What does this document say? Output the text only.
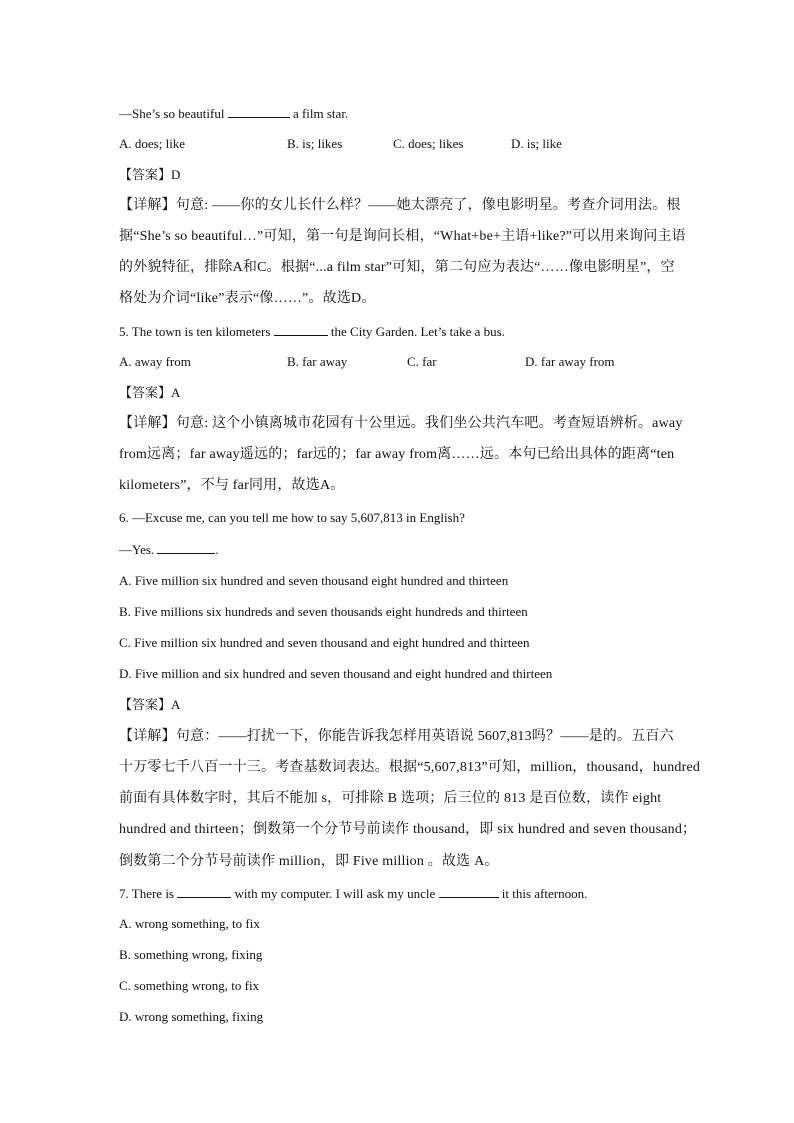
—She’s so beautiful	a film star.
A. does; like	B. is; likes	C. does; likes	D. is; like
【答案】D
【详解】句意: ——你的女儿长什么样？——她太漂亮了，像电影明星。考查介词用法。根
据“She’s so beautiful…”可知，第一句是询问长相，“What+be+主语+like?”可以用来询问主语
的外貌特征，排除A和C。根据“...a film star”可知，第二句应为表达“……像电影明星”，空
格处为介词“like”表示“像……”。故选D。
5. The town is ten kilometers	the City Garden. Let’s take a bus.
A. away from	B. far away	C. far	D. far away from
【答案】A
【详解】句意: 这个小镇离城市花园有十公里远。我们坐公共汽车吧。考查短语辨析。away
from远离；far away遥远的；far远的；far away from离……远。本句已给出具体的距离“ten
kilometers”，不与 far同用，故选A。
6. —Excuse me, can you tell me how to say 5,607,813 in English?
—Yes.	.
A. Five million six hundred and seven thousand eight hundred and thirteen
B. Five millions six hundreds and seven thousands eight hundreds and thirteen
C. Five million six hundred and seven thousand and eight hundred and thirteen
D. Five million and six hundred and seven thousand and eight hundred and thirteen
【答案】A
【详解】句意：——打扰一下，你能告诉我怎样用英语说 5607,813吗？——是的。五百六
十万零七千八百一十三。考查基数词表达。根据“5,607,813”可知，million，thousand，hundred
前面有具体数字时，其后不能加 s，可排除 B 选项；后三位的 813 是百位数，读作 eight
hundred and thirteen；倒数第一个分节号前读作 thousand，即 six hundred and seven thousand；
倒数第二个分节号前读作 million，即 Five million 。故选 A。
7. There is	with my computer. I will ask my uncle	it this afternoon.
A. wrong something, to fix
B. something wrong, fixing
C. something wrong, to fix
D. wrong something, fixing
